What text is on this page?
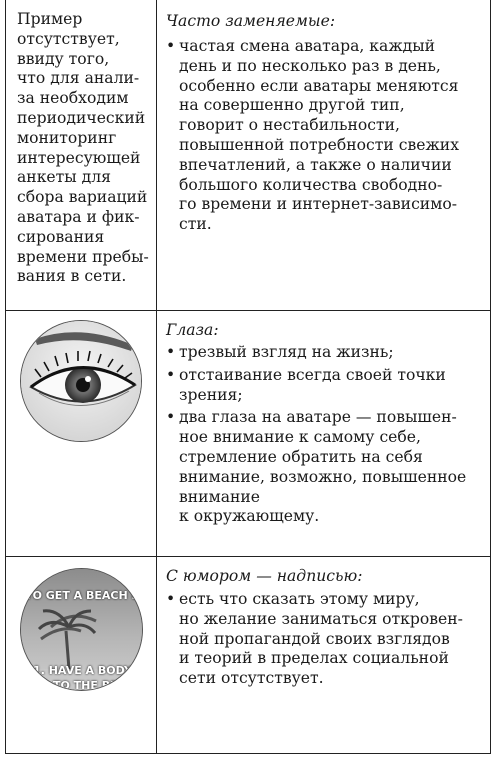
Пример
отсутствует,
ввиду того,
что для анали-
за необходим
периодический
мониторинг
интересующей
анкеты для
сбора вариаций
аватара и фик-
сирования
времени пребы-
вания в сети.

Часто заменяемые:

• частая смена аватара, каждый
день и по несколько раз в день,
особенно если аватары меняются
на совершенно другой тип,
говорит о нестабильности,
повышенной потребности свежих
впечатлений, а также о наличии
большого количества свободно-
го времени и интернет-зависимо-
сти.

Глаза:

• трезвый взгляд на жизнь;
• отстаивание всегда своей точки
зрения;
• два глаза на аватаре — повышен-
ное внимание к самому себе,
стремление обратить на себя
внимание, возможно, повышенное
внимание
к окружающему.
TO GET A BEACH B
1. HAVE A BODY
GO TO THE BEAC

С юмором — надписью:

• есть что сказать этому миру,
но желание заниматься откровен-
ной пропагандой своих взглядов
и теорий в пределах социальной
сети отсутствует.
